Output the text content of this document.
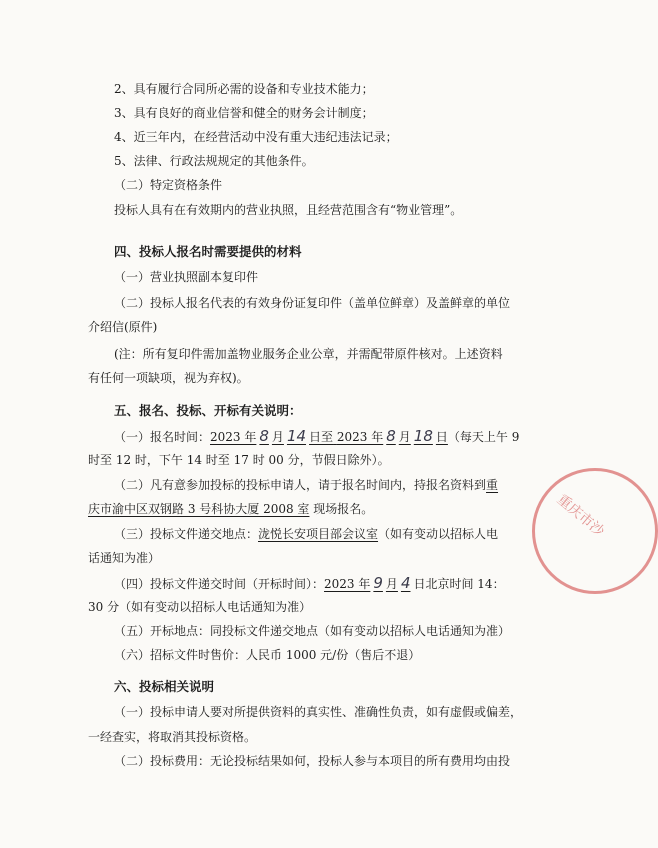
2、具有履行合同所必需的设备和专业技术能力；
3、具有良好的商业信誉和健全的财务会计制度；
4、近三年内，在经营活动中没有重大违纪违法记录；
5、法律、行政法规规定的其他条件。
（二）特定资格条件
投标人具有在有效期内的营业执照，且经营范围含有“物业管理”。
四、投标人报名时需要提供的材料
（一）营业执照副本复印件
（二）投标人报名代表的有效身份证复印件（盖单位鲜章）及盖鲜章的单位
介绍信(原件)
(注：所有复印件需加盖物业服务企业公章，并需配带原件核对。上述资料
有任何一项缺项，视为弃权)。
五、报名、投标、开标有关说明：
（一）报名时间：2023 年 8 月 14 日至 2023 年 8 月 18 日（每天上午 9
时至 12 时，下午 14 时至 17 时 00 分，节假日除外）。
（二）凡有意参加投标的投标申请人，请于报名时间内，持报名资料到重
庆市渝中区双钢路 3 号科协大厦 2008 室 现场报名。
（三）投标文件递交地点：泷悦长安项目部会议室（如有变动以招标人电
话通知为准）
（四）投标文件递交时间（开标时间）：2023 年 9 月 4 日北京时间 14：
30 分（如有变动以招标人电话通知为准）
（五）开标地点：同投标文件递交地点（如有变动以招标人电话通知为准）
（六）招标文件时售价：人民币 1000 元/份（售后不退）
六、投标相关说明
（一）投标申请人要对所提供资料的真实性、准确性负责，如有虚假或偏差，
一经查实，将取消其投标资格。
（二）投标费用：无论投标结果如何，投标人参与本项目的所有费用均由投
重庆市沙
